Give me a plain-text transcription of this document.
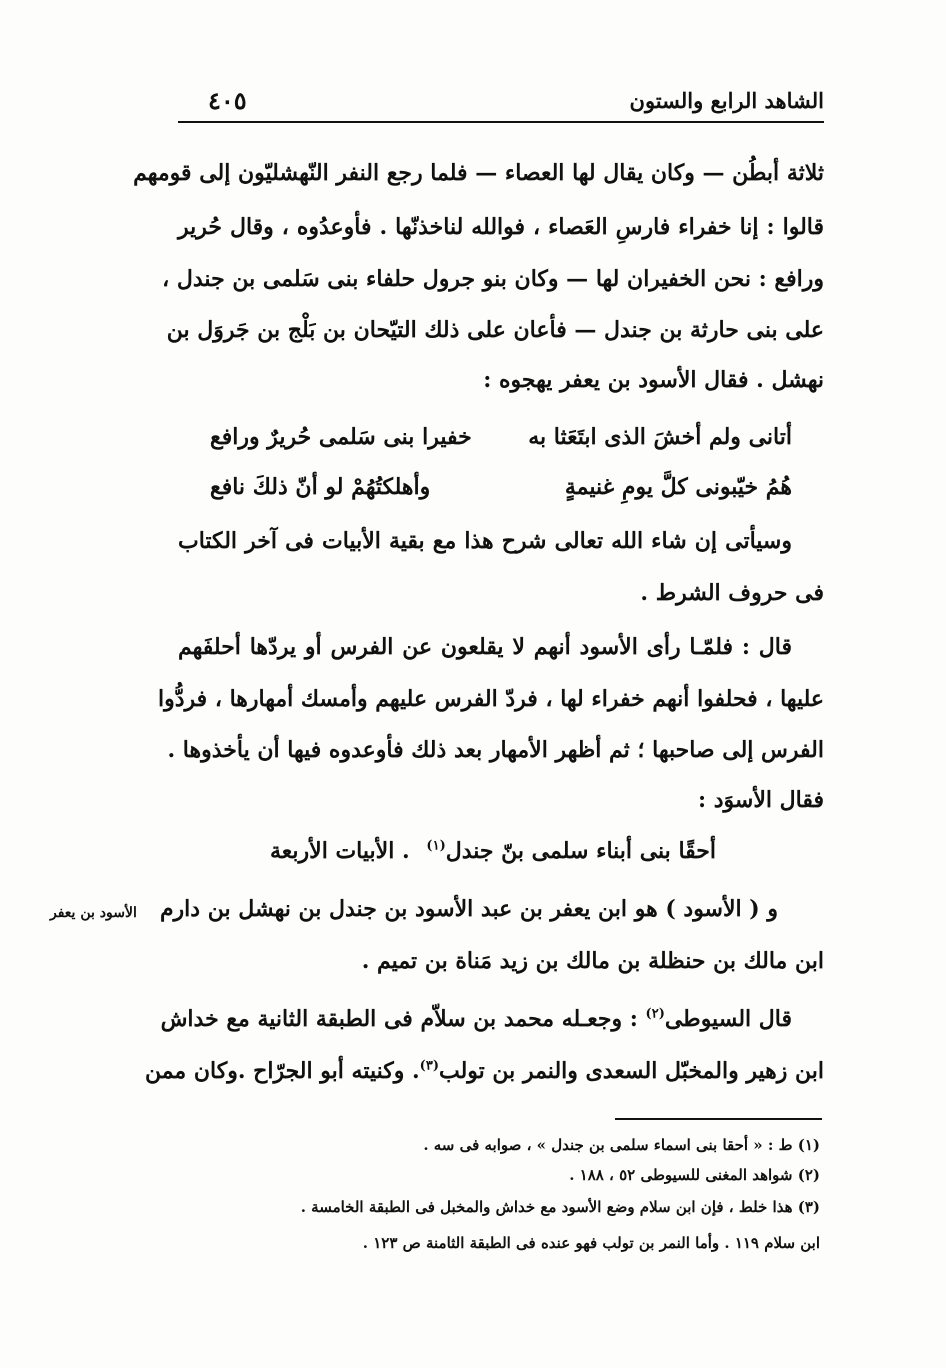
الشاهد الرابع والستون
٤٠٥
ثلاثة أبطُن — وكان يقال لها العصاء — فلما رجع النفر النّهشليّون إلى قومهم
قالوا : إنا خفراء فارسِ العَصاء ، فوالله لناخذنّها . فأوعدُوه ، وقال حُرير
ورافع : نحن الخفيران لها — وكان بنو جرول حلفاء بنى سَلمى بن جندل ،
على بنى حارثة بن جندل — فأعان على ذلك التيّحان بن بَلْج بن جَروَل بن
نهشل . فقال الأسود بن يعفر يهجوه :
أتانى ولم أخشَ الذى ابتَعَثا به
خفيرا بنى سَلمى حُريرٌ ورافع
هُمُ خيّبونى كلَّ يومِ غنيمةٍ
وأهلكتُهُمْ لو أنّ ذلكَ نافع
وسيأتى إن شاء الله تعالى شرح هذا مع بقية الأبيات فى آخر الكتاب
فى حروف الشرط .
قال : فلمّـا رأى الأسود أنهم لا يقلعون عن الفرس أو يردّها أحلفَهم
عليها ، فحلفوا أنهم خفراء لها ، فردّ الفرس عليهم وأمسك أمهارها ، فردُّوا
الفرس إلى صاحبها ؛ ثم أظهر الأمهار بعد ذلك فأوعدوه فيها أن يأخذوها .
فقال الأسوَد :
أحقًا بنى أبناء سلمى بنّ جندل$^{(١)}$
. الأبيات الأربعة
و ( الأسود ) هو ابن يعفر بن عبد الأسود بن جندل بن نهشل بن دارم
الأسود بن يعفر
ابن مالك بن حنظلة بن مالك بن زيد مَناة بن تميم .
قال السيوطى$^{(٢)}$ : وجعـله محمد بن سلاّم فى الطبقة الثانية مع خداش
ابن زهير والمخبّل السعدى والنمر بن تولب$^{(٣)}$. وكنيته أبو الجرّاح .وكان ممن
(١) ط : « أحقا بنى اسماء سلمى بن جندل » ، صوابه فى سه .
(٢) شواهد المغنى للسيوطى ٥٢ ، ١٨٨ .
(٣) هذا خلط ، فإن ابن سلام وضع الأسود مع خداش والمخبل فى الطبقة الخامسة .
ابن سلام ١١٩ . وأما النمر بن تولب فهو عنده فى الطبقة الثامنة ص ١٢٣ .
